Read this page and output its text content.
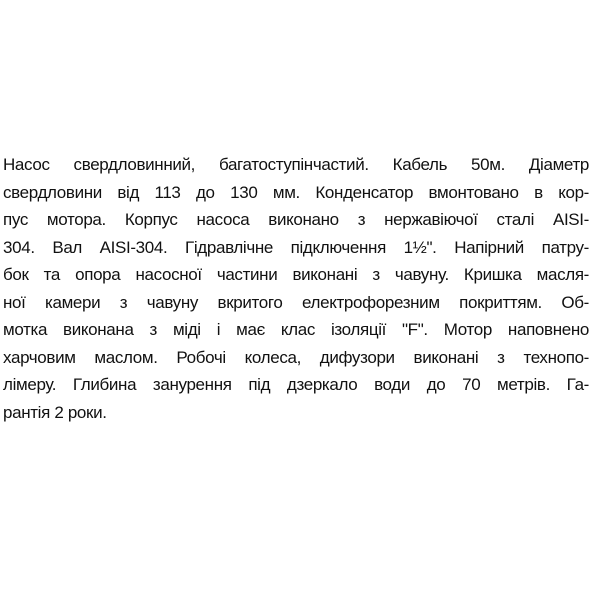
Насос свердловинний, багатоступінчастий. Кабель 50м. Діаметр
свердловини від 113 до 130 мм. Конденсатор вмонтовано в кор-
пус мотора. Корпус насоса виконано з нержавіючої сталі AISI-
304. Вал AISI-304. Гідравлічне підключення 1½". Напірний патру-
бок та опора насосної частини виконані з чавуну. Кришка масля-
ної камери з чавуну вкритого електрофорезним покриттям. Об-
мотка виконана з міді і має клас ізоляції "F". Мотор наповнено
харчовим маслом. Робочі колеса, дифузори виконані з технопо-
лімеру. Глибина занурення під дзеркало води до 70 метрів. Га-
рантія 2 роки.
